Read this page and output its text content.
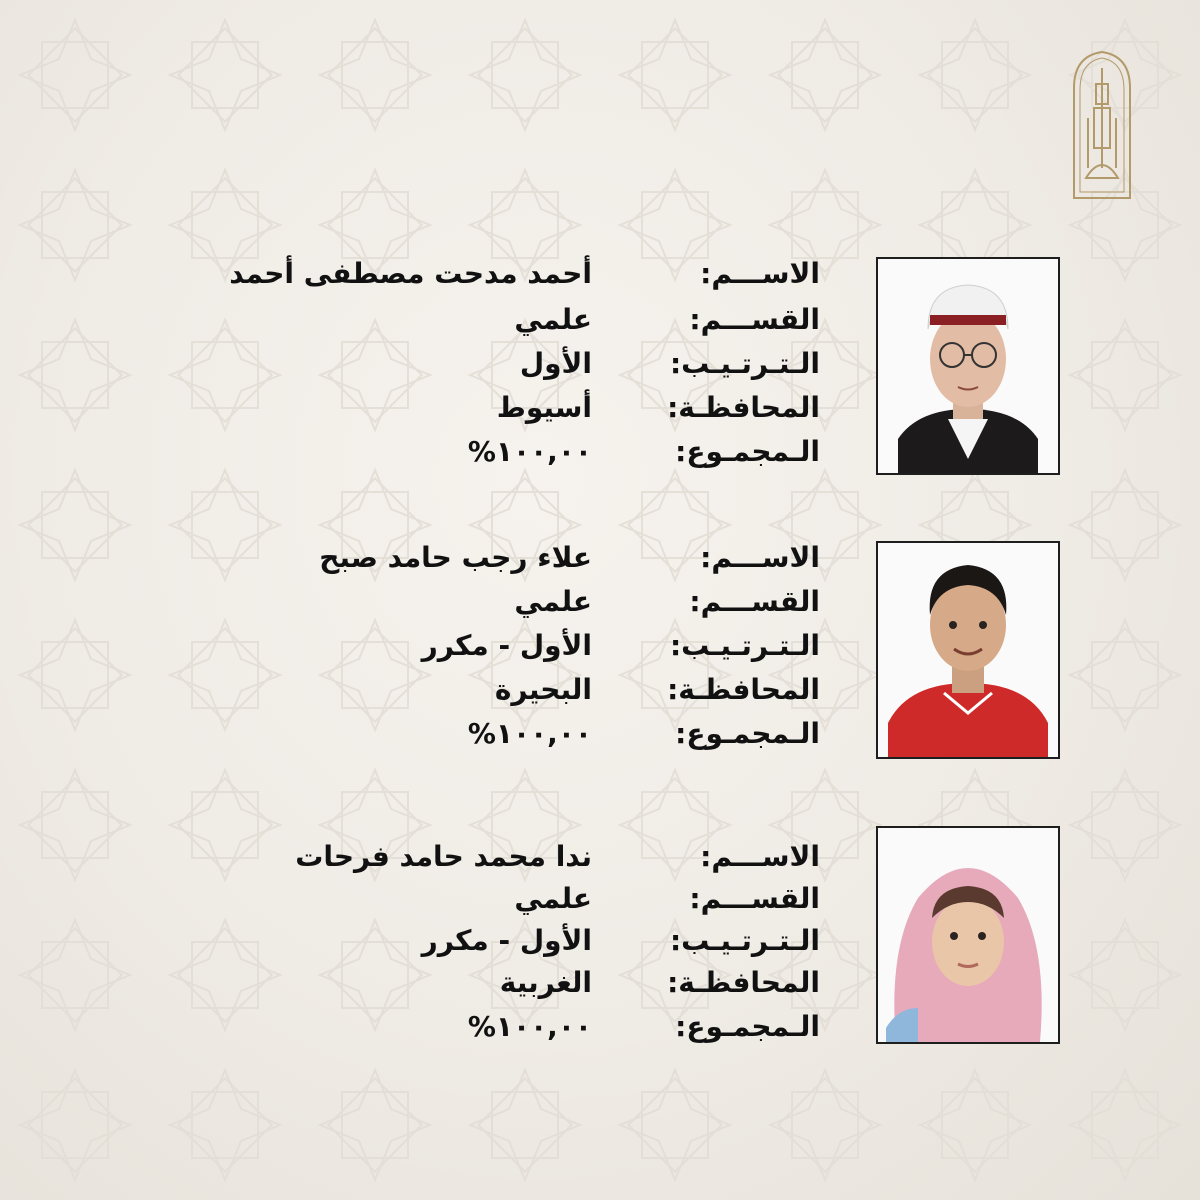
الاســـم:
أحمد مدحت مصطفى أحمد
القســـم:
علمي
الـتـرتـيـب:
الأول
المحافظـة:
أسيوط
الـمجمـوع:
١٠٠,٠٠%
الاســـم:
علاء رجب حامد صبح
القســـم:
علمي
الـتـرتـيـب:
الأول - مكرر
المحافظـة:
البحيرة
الـمجمـوع:
١٠٠,٠٠%
الاســـم:
ندا محمد حامد فرحات
القســـم:
علمي
الـتـرتـيـب:
الأول - مكرر
المحافظـة:
الغربية
الـمجمـوع:
١٠٠,٠٠%
